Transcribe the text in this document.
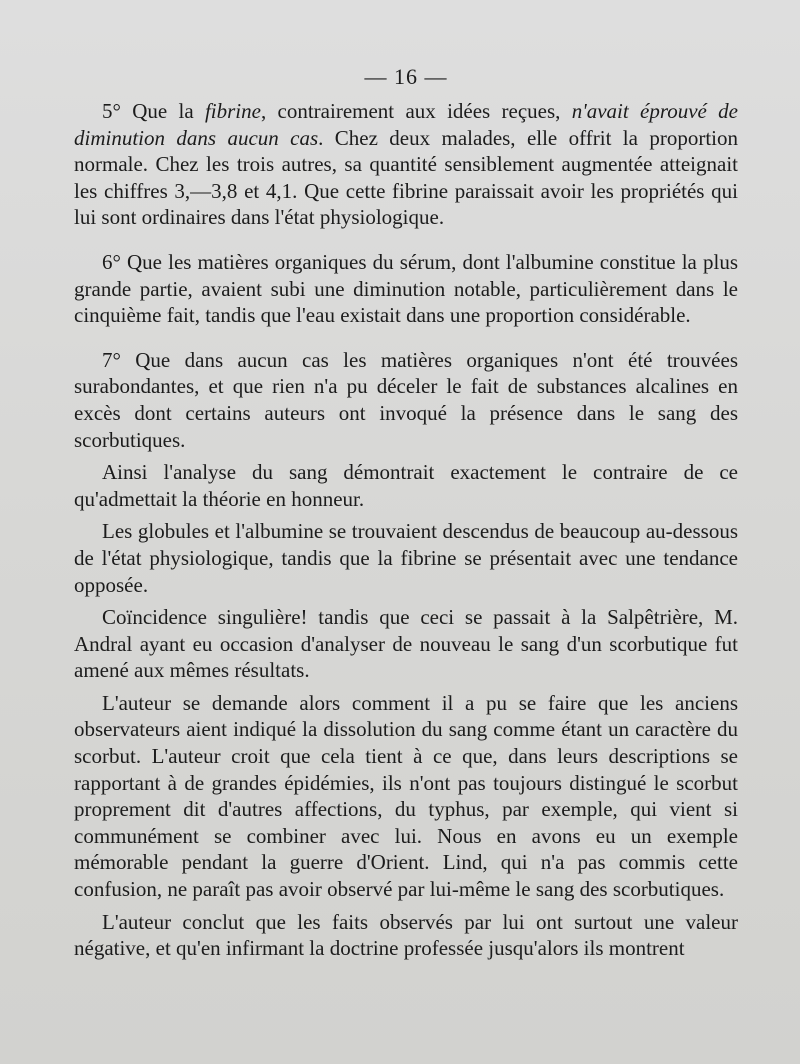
— 16 —

5° Que la fibrine, contrairement aux idées reçues, n'avait éprouvé de diminution dans aucun cas. Chez deux malades, elle offrit la proportion normale. Chez les trois autres, sa quantité sensiblement augmentée atteignait les chiffres 3,—3,8 et 4,1. Que cette fibrine paraissait avoir les propriétés qui lui sont ordinaires dans l'état physiologique.

6° Que les matières organiques du sérum, dont l'albumine constitue la plus grande partie, avaient subi une diminution notable, particulièrement dans le cinquième fait, tandis que l'eau existait dans une proportion considérable.

7° Que dans aucun cas les matières organiques n'ont été trouvées surabondantes, et que rien n'a pu déceler le fait de substances alcalines en excès dont certains auteurs ont invoqué la présence dans le sang des scorbutiques.

Ainsi l'analyse du sang démontrait exactement le contraire de ce qu'admettait la théorie en honneur.

Les globules et l'albumine se trouvaient descendus de beaucoup au-dessous de l'état physiologique, tandis que la fibrine se présentait avec une tendance opposée.

Coïncidence singulière! tandis que ceci se passait à la Salpêtrière, M. Andral ayant eu occasion d'analyser de nouveau le sang d'un scorbutique fut amené aux mêmes résultats.

L'auteur se demande alors comment il a pu se faire que les anciens observateurs aient indiqué la dissolution du sang comme étant un caractère du scorbut. L'auteur croit que cela tient à ce que, dans leurs descriptions se rapportant à de grandes épidémies, ils n'ont pas toujours distingué le scorbut proprement dit d'autres affections, du typhus, par exemple, qui vient si communément se combiner avec lui. Nous en avons eu un exemple mémorable pendant la guerre d'Orient. Lind, qui n'a pas commis cette confusion, ne paraît pas avoir observé par lui-même le sang des scorbutiques.

L'auteur conclut que les faits observés par lui ont surtout une valeur négative, et qu'en infirmant la doctrine professée jusqu'alors ils montrent
